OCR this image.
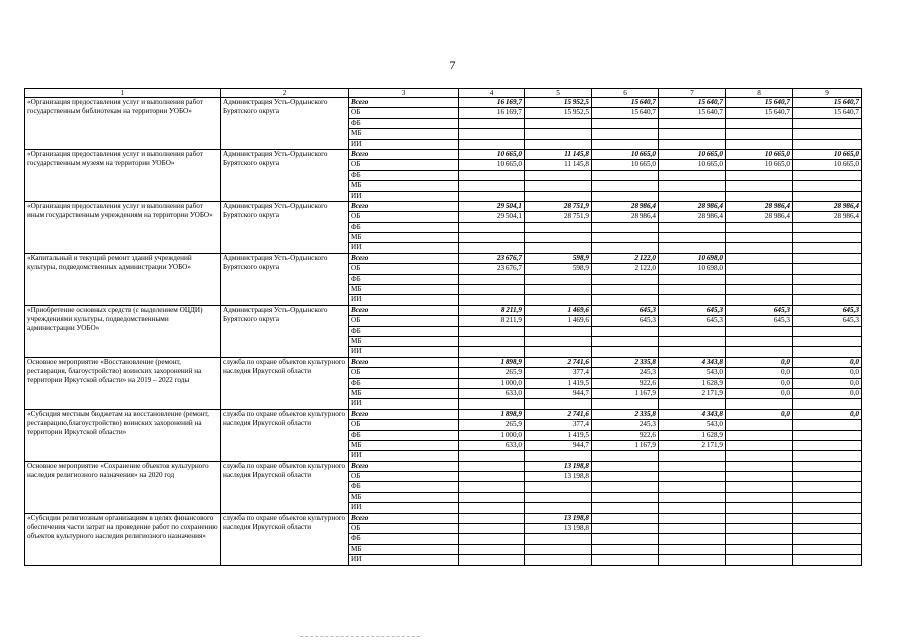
7
1	2	3	4	5	6	7	8	9
«Организация предоставления услуг и выполнения работ государственным библиотекам на территории УОБО»	Администрация Усть-Ордынского Бурятского округа	Всего	16 169,7	15 952,5	15 640,7	15 640,7	15 640,7	15 640,7
		ОБ	16 169,7	15 952,5	15 640,7	15 640,7	15 640,7	15 640,7
		ФБ						
		МБ						
		ИИ						
«Организация предоставления услуг и выполнения работ государственным музеям на территории УОБО»	Администрация Усть-Ордынского Бурятского округа	Всего	10 665,0	11 145,8	10 665,0	10 665,0	10 665,0	10 665,0
		ОБ	10 665,0	11 145,8	10 665,0	10 665,0	10 665,0	10 665,0
		ФБ						
		МБ						
		ИИ						
«Организация предоставления услуг и выполнения работ иным государственным учреждениям на территории УОБО»	Администрация Усть-Ордынского Бурятского округа	Всего	29 504,1	28 751,9	28 986,4	28 986,4	28 986,4	28 986,4
		ОБ	29 504,1	28 751,9	28 986,4	28 986,4	28 986,4	28 986,4
		ФБ						
		МБ						
		ИИ						
«Капитальный и текущий ремонт зданий учреждений культуры, подведомственных администрации УОБО»	Администрация Усть-Ордынского Бурятского округа	Всего	23 676,7	598,9	2 122,0	10 698,0		
		ОБ	23 676,7	598,9	2 122,0	10 698,0		
		ФБ						
		МБ						
		ИИ						
«Приобретение основных средств (с выделением ОЦДИ) учреждениями культуры, подведомственными администрации УОБО»	Администрация Усть-Ордынского Бурятского округа	Всего	8 211,9	1 469,6	645,3	645,3	645,3	645,3
		ОБ	8 211,9	1 469,6	645,3	645,3	645,3	645,3
		ФБ						
		МБ						
		ИИ						
Основное мероприятие «Восстановление (ремонт, реставрация, благоустройство) воинских захоронений на территории Иркутской области» на 2019 – 2022 годы	служба по охране объектов культурного наследия Иркутской области	Всего	1 898,9	2 741,6	2 335,8	4 343,8	0,0	0,0
		ОБ	265,9	377,4	245,3	543,0	0,0	0,0
		ФБ	1 000,0	1 419,5	922,6	1 628,9	0,0	0,0
		МБ	633,0	944,7	1 167,9	2 171,9	0,0	0,0
		ИИ						
«Субсидия местным бюджетам на восстановление (ремонт, реставрацию,благоустройство) воинских захоронений на территории Иркутской области»	служба по охране объектов культурного наследия Иркутской области	Всего	1 898,9	2 741,6	2 335,8	4 343,8	0,0	0,0
		ОБ	265,9	377,4	245,3	543,0		
		ФБ	1 000,0	1 419,5	922,6	1 628,9		
		МБ	633,0	944,7	1 167,9	2 171,9		
		ИИ						
Основное мероприятие «Сохранение объектов культурного наследия религиозного назначения» на 2020 год	служба по охране объектов культурного наследия Иркутской области	Всего		13 198,8				
		ОБ		13 198,8				
		ФБ						
		МБ						
		ИИ						
«Субсидии религиозным организациям в целях финансового обеспечения части затрат на проведение работ по сохранению объектов культурного наследия религиозного назначения»	служба по охране объектов культурного наследия Иркутской области	Всего		13 198,8				
		ОБ		13 198,8				
		ФБ						
		МБ						
		ИИ						
